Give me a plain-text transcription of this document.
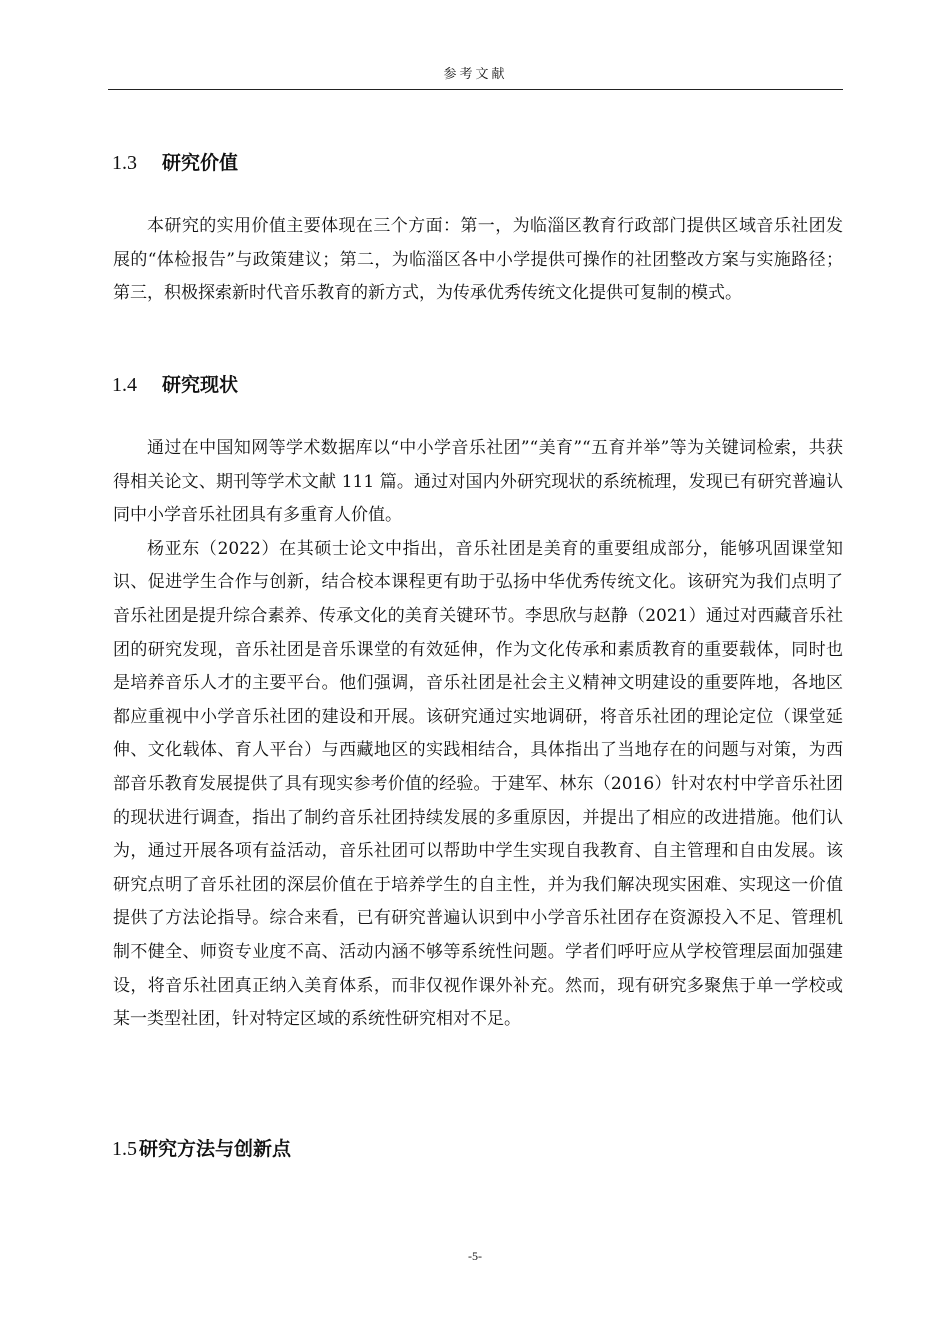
参考文献
1.3 研究价值

本研究的实用价值主要体现在三个方面：第一，为临淄区教育行政部门提供区域音乐社团发展的“体检报告”与政策建议；第二，为临淄区各中小学提供可操作的社团整改方案与实施路径；第三，积极探索新时代音乐教育的新方式，为传承优秀传统文化提供可复制的模式。

1.4 研究现状

通过在中国知网等学术数据库以“中小学音乐社团”“美育”“五育并举”等为关键词检索，共获得相关论文、期刊等学术文献 111 篇。通过对国内外研究现状的系统梳理，发现已有研究普遍认同中小学音乐社团具有多重育人价值。

杨亚东（2022）在其硕士论文中指出，音乐社团是美育的重要组成部分，能够巩固课堂知识、促进学生合作与创新，结合校本课程更有助于弘扬中华优秀传统文化。该研究为我们点明了音乐社团是提升综合素养、传承文化的美育关键环节。李思欣与赵静（2021）通过对西藏音乐社团的研究发现，音乐社团是音乐课堂的有效延伸，作为文化传承和素质教育的重要载体，同时也是培养音乐人才的主要平台。他们强调，音乐社团是社会主义精神文明建设的重要阵地，各地区都应重视中小学音乐社团的建设和开展。该研究通过实地调研，将音乐社团的理论定位（课堂延伸、文化载体、育人平台）与西藏地区的实践相结合，具体指出了当地存在的问题与对策，为西部音乐教育发展提供了具有现实参考价值的经验。于建军、林东（2016）针对农村中学音乐社团的现状进行调查，指出了制约音乐社团持续发展的多重原因，并提出了相应的改进措施。他们认为，通过开展各项有益活动，音乐社团可以帮助中学生实现自我教育、自主管理和自由发展。该研究点明了音乐社团的深层价值在于培养学生的自主性，并为我们解决现实困难、实现这一价值提供了方法论指导。综合来看，已有研究普遍认识到中小学音乐社团存在资源投入不足、管理机制不健全、师资专业度不高、活动内涵不够等系统性问题。学者们呼吁应从学校管理层面加强建设，将音乐社团真正纳入美育体系，而非仅视作课外补充。然而，现有研究多聚焦于单一学校或某一类型社团，针对特定区域的系统性研究相对不足。

1.5 研究方法与创新点
-5-
